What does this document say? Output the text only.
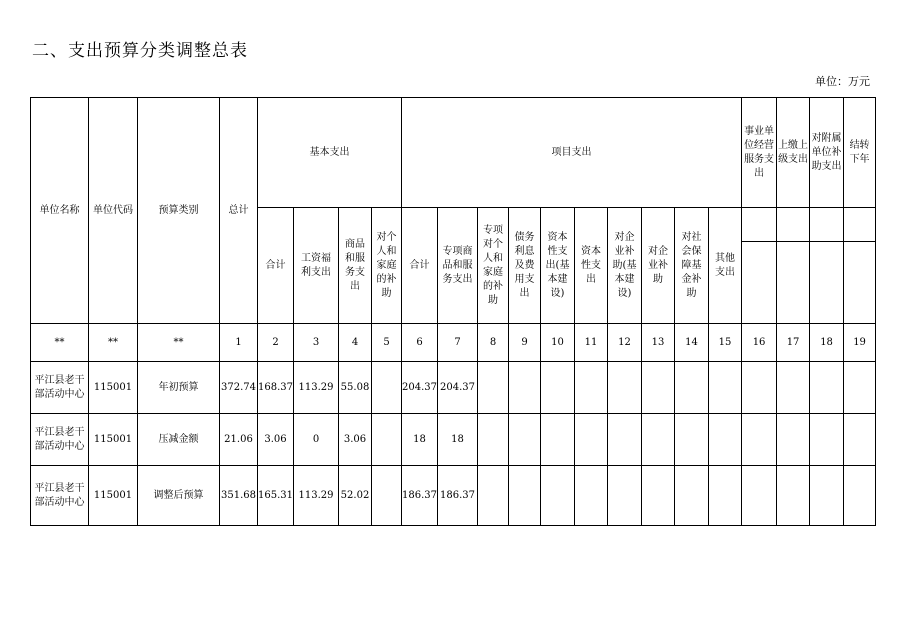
二、支出预算分类调整总表
单位：万元
单位名称	单位代码	预算类别	总计	基本支出				项目支出										事业单位经营服务支出	上缴上级支出	对附属单位补助支出	结转下年
				合计	工资福利支出	商品和服务支出	对个人和家庭的补助	合计	专项商品和服务支出	专项对个人和家庭的补助	债务利息及费用支出	资本性支出(基本建设)	资本性支出	对企业补助(基本建设)	对企业补助	对社会保障基金补助	其他支出				

**	**	**	1	2	3	4	5	6	7	8	9	10	11	12	13	14	15	16	17	18	19
平江县老干部活动中心	115001	年初预算	372.74	168.37	113.29	55.08		204.37	204.37												
平江县老干部活动中心	115001	压减金额	21.06	3.06	0	3.06		18	18												
平江县老干部活动中心	115001	调整后预算	351.68	165.31	113.29	52.02		186.37	186.37												
